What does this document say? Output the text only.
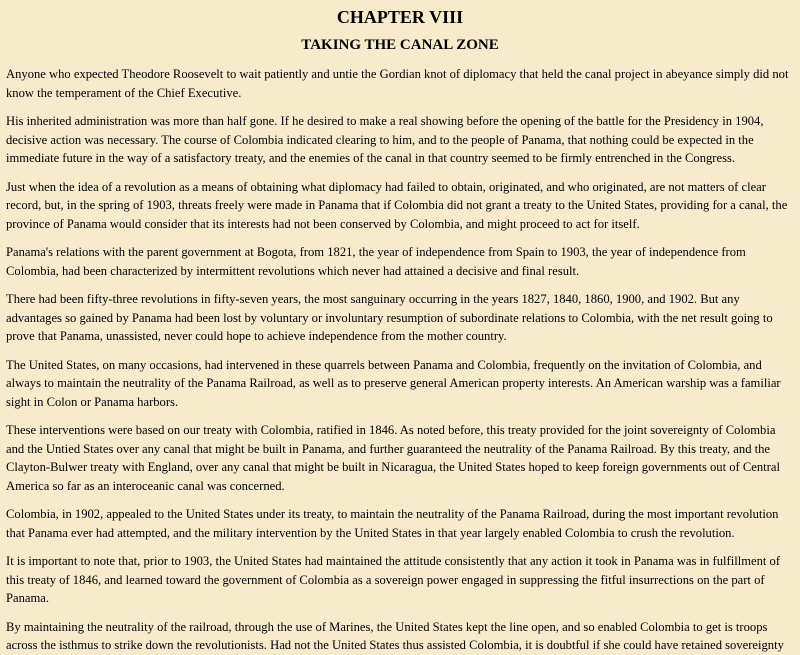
CHAPTER VIII
TAKING THE CANAL ZONE

Anyone who expected Theodore Roosevelt to wait patiently and untie the Gordian knot of diplomacy that held the canal project in abeyance simply did not know the temperament of the Chief Executive.

His inherited administration was more than half gone. If he desired to make a real showing before the opening of the battle for the Presidency in 1904, decisive action was necessary. The course of Colombia indicated clearing to him, and to the people of Panama, that nothing could be expected in the immediate future in the way of a satisfactory treaty, and the enemies of the canal in that country seemed to be firmly entrenched in the Congress.

Just when the idea of a revolution as a means of obtaining what diplomacy had failed to obtain, originated, and who originated, are not matters of clear record, but, in the spring of 1903, threats freely were made in Panama that if Colombia did not grant a treaty to the United States, providing for a canal, the province of Panama would consider that its interests had not been conserved by Colombia, and might proceed to act for itself.

Panama's relations with the parent government at Bogota, from 1821, the year of independence from Spain to 1903, the year of independence from Colombia, had been characterized by intermittent revolutions which never had attained a decisive and final result.

There had been fifty-three revolutions in fifty-seven years, the most sanguinary occurring in the years 1827, 1840, 1860, 1900, and 1902. But any advantages so gained by Panama had been lost by voluntary or involuntary resumption of subordinate relations to Colombia, with the net result going to prove that Panama, unassisted, never could hope to achieve independence from the mother country.

The United States, on many occasions, had intervened in these quarrels between Panama and Colombia, frequently on the invitation of Colombia, and always to maintain the neutrality of the Panama Railroad, as well as to preserve general American property interests. An American warship was a familiar sight in Colon or Panama harbors.

These interventions were based on our treaty with Colombia, ratified in 1846. As noted before, this treaty provided for the joint sovereignty of Colombia and the Untied States over any canal that might be built in Panama, and further guaranteed the neutrality of the Panama Railroad. By this treaty, and the Clayton-Bulwer treaty with England, over any canal that might be built in Nicaragua, the United States hoped to keep foreign governments out of Central America so far as an interoceanic canal was concerned.

Colombia, in 1902, appealed to the United States under its treaty, to maintain the neutrality of the Panama Railroad, during the most important revolution that Panama ever had attempted, and the military intervention by the United States in that year largely enabled Colombia to crush the revolution.

It is important to note that, prior to 1903, the United States had maintained the attitude consistently that any action it took in Panama was in fulfillment of this treaty of 1846, and learned toward the government of Colombia as a sovereign power engaged in suppressing the fitful insurrections on the part of Panama.

By maintaining the neutrality of the railroad, through the use of Marines, the United States kept the line open, and so enabled Colombia to get is troops across the isthmus to strike down the revolutionists. Had not the United States thus assisted Colombia, it is doubtful if she could have retained sovereignty
